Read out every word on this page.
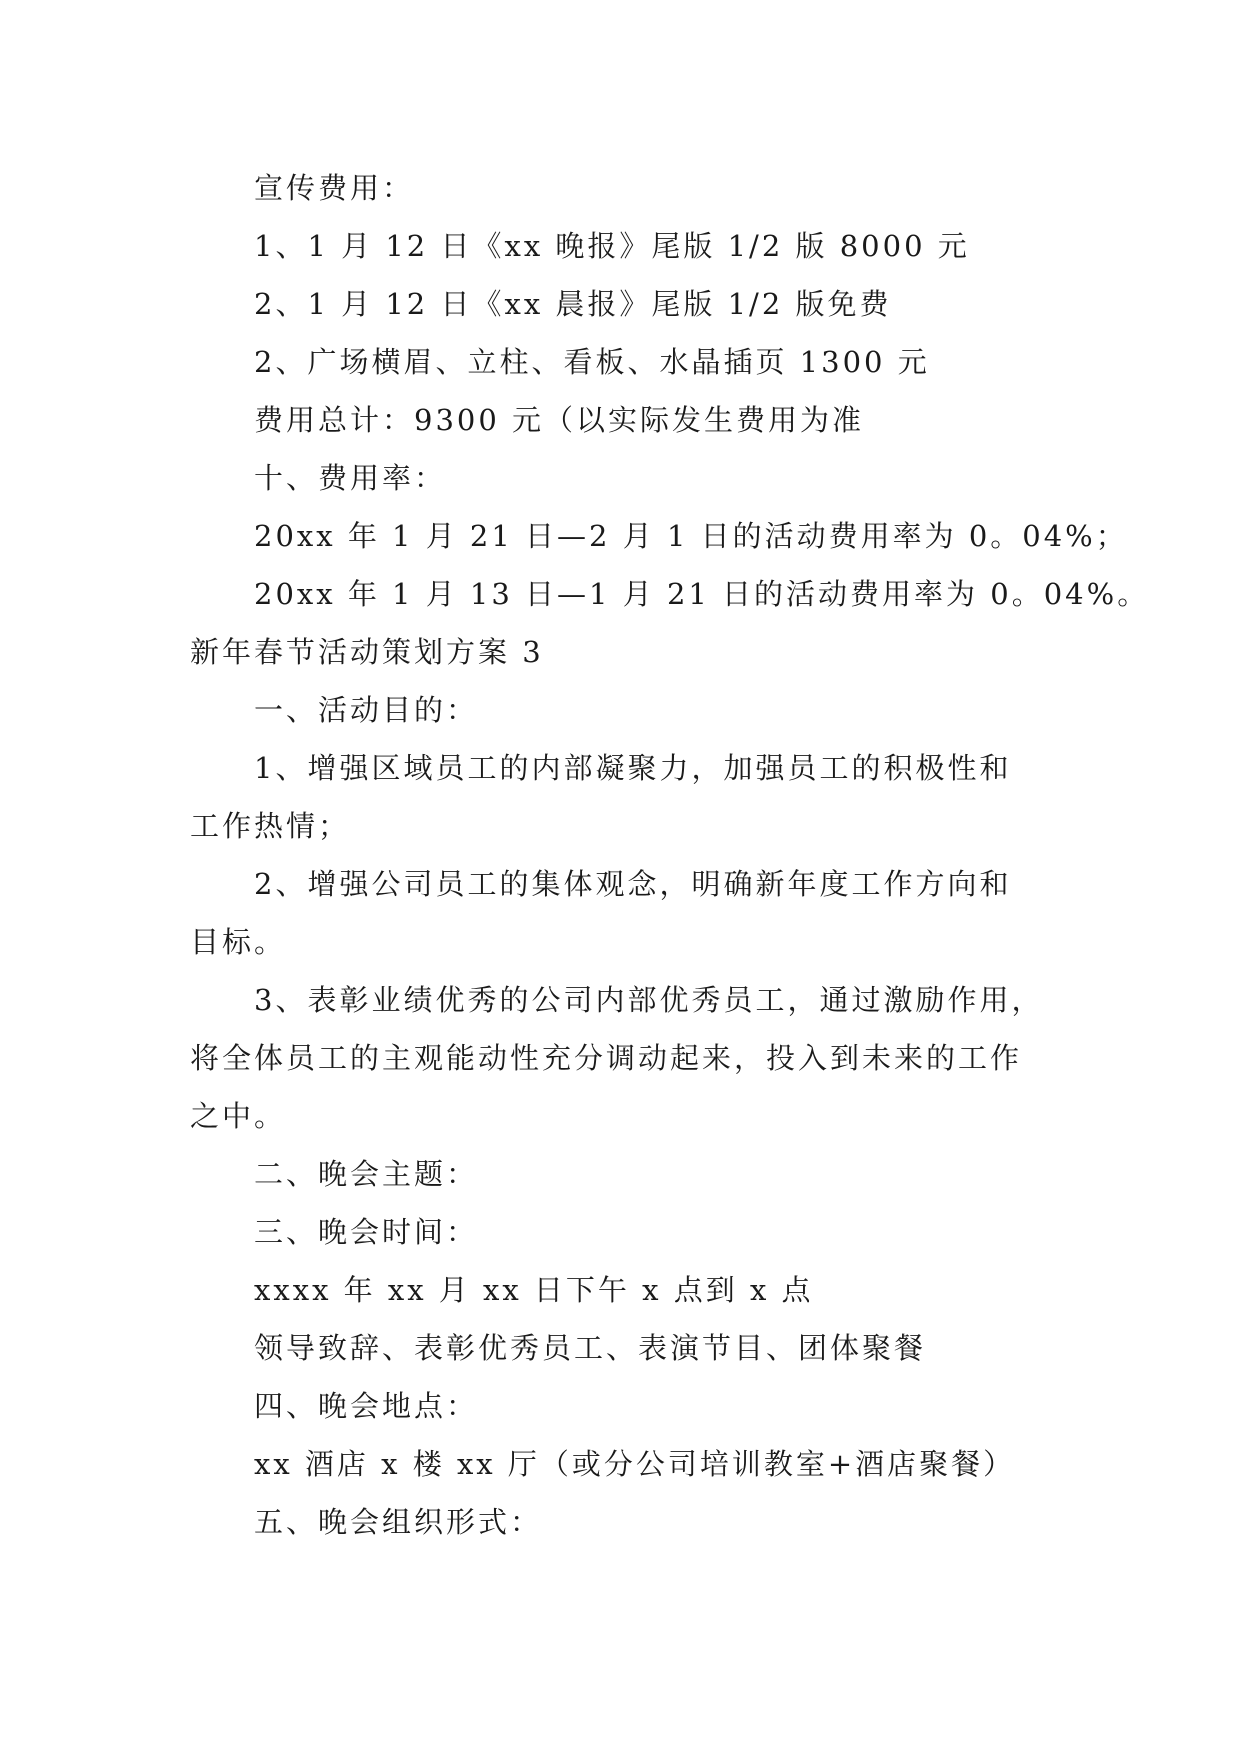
宣传费用：
1、1 月 12 日《xx 晚报》尾版 1/2 版 8000 元
2、1 月 12 日《xx 晨报》尾版 1/2 版免费
2、广场横眉、立柱、看板、水晶插页 1300 元
费用总计：9300 元（以实际发生费用为准
十、费用率：
20xx 年 1 月 21 日—2 月 1 日的活动费用率为 0。04%；
20xx 年 1 月 13 日—1 月 21 日的活动费用率为 0。04%。
新年春节活动策划方案 3
一、活动目的：
1、增强区域员工的内部凝聚力，加强员工的积极性和
工作热情；
2、增强公司员工的集体观念，明确新年度工作方向和
目标。
3、表彰业绩优秀的公司内部优秀员工，通过激励作用，
将全体员工的主观能动性充分调动起来，投入到未来的工作
之中。
二、晚会主题：
三、晚会时间：
xxxx 年 xx 月 xx 日下午 x 点到 x 点
领导致辞、表彰优秀员工、表演节目、团体聚餐
四、晚会地点：
xx 酒店 x 楼 xx 厅（或分公司培训教室+酒店聚餐）
五、晚会组织形式：
